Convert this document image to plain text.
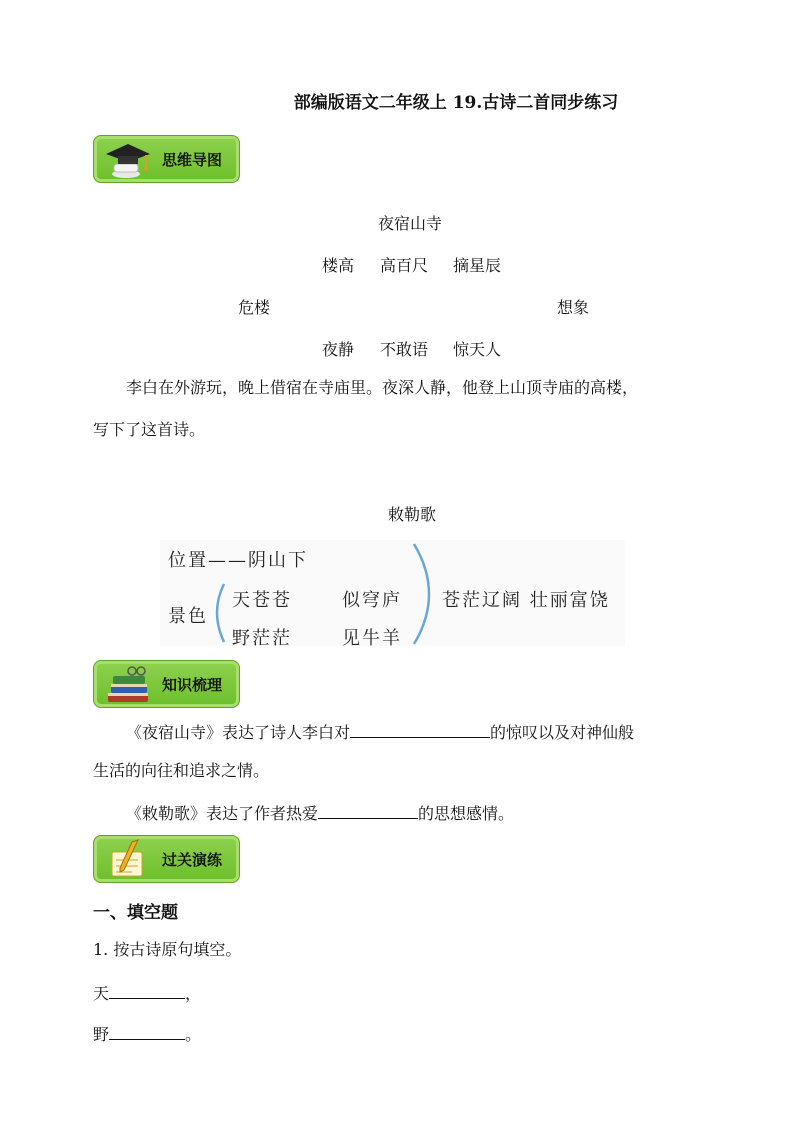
部编版语文二年级上 19.古诗二首同步练习
思维导图
夜宿山寺
楼高 高百尺 摘星辰
危楼	想象
夜静 不敢语 惊天人
李白在外游玩，晚上借宿在寺庙里。夜深人静，他登上山顶寺庙的高楼，
写下了这首诗。
敕勒歌
位置——阴山下
景色
天苍苍	似穹庐
野茫茫	见牛羊
苍茫辽阔 壮丽富饶
知识梳理
《夜宿山寺》表达了诗人李白对	的惊叹以及对神仙般
生活的向往和追求之情。
《敕勒歌》表达了作者热爱	的思想感情。
过关演练
一、填空题
1. 按古诗原句填空。
天	，
野	。
